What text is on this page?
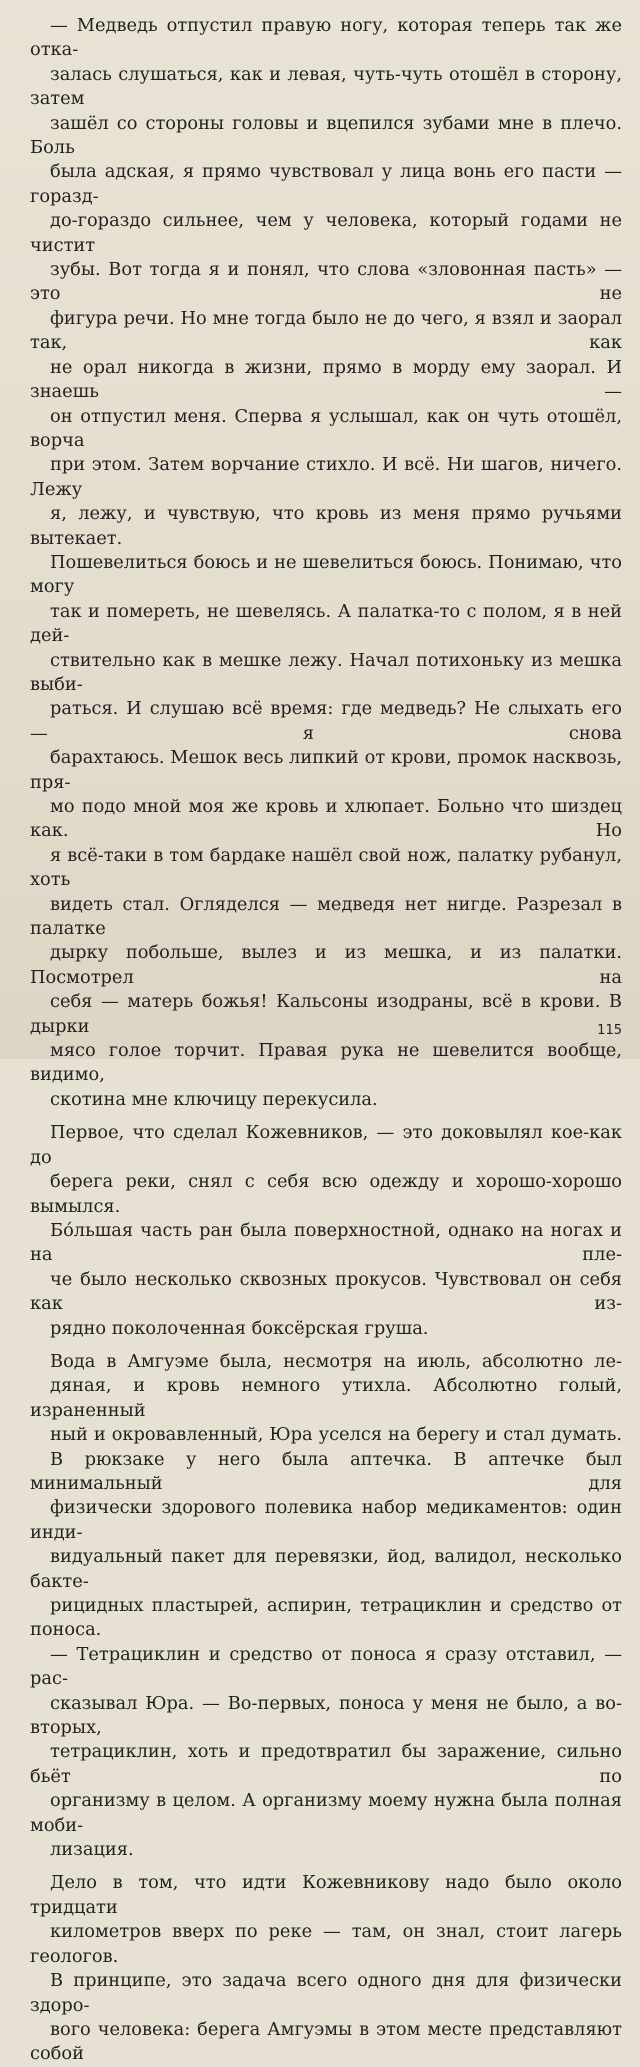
— Медведь отпустил правую ногу, которая теперь так же отка-
залась слушаться, как и левая, чуть-чуть отошёл в сторону, затем
зашёл со стороны головы и вцепился зубами мне в плечо. Боль
была адская, я прямо чувствовал у лица вонь его пасти — горазд-
до-гораздо сильнее, чем у человека, который годами не чистит
зубы. Вот тогда я и понял, что слова «зловонная пасть» — это не
фигура речи. Но мне тогда было не до чего, я взял и заорал так, как
не орал никогда в жизни, прямо в морду ему заорал. И знаешь —
он отпустил меня. Сперва я услышал, как он чуть отошёл, ворча
при этом. Затем ворчание стихло. И всё. Ни шагов, ничего. Лежу
я, лежу, и чувствую, что кровь из меня прямо ручьями вытекает.
Пошевелиться боюсь и не шевелиться боюсь. Понимаю, что могу
так и помереть, не шевелясь. А палатка-то с полом, я в ней дей-
ствительно как в мешке лежу. Начал потихоньку из мешка выби-
раться. И слушаю всё время: где медведь? Не слыхать его — я снова
барахтаюсь. Мешок весь липкий от крови, промок насквозь, пря-
мо подо мной моя же кровь и хлюпает. Больно что шиздец как. Но
я всё-таки в том бардаке нашёл свой нож, палатку рубанул, хоть
видеть стал. Огляделся — медведя нет нигде. Разрезал в палатке
дырку побольше, вылез и из мешка, и из палатки. Посмотрел на
себя — матерь божья! Кальсоны изодраны, всё в крови. В дырки
мясо голое торчит. Правая рука не шевелится вообще, видимо,
скотина мне ключицу перекусила.
Первое, что сделал Кожевников, — это доковылял кое-как до
берега реки, снял с себя всю одежду и хорошо-хорошо вымылся.
Бóльшая часть ран была поверхностной, однако на ногах и на пле-
че было несколько сквозных прокусов. Чувствовал он себя как из-
рядно поколоченная боксёрская груша.
Вода в Амгуэме была, несмотря на июль, абсолютно ле-
дяная, и кровь немного утихла. Абсолютно голый, израненный
ный и окровавленный, Юра уселся на берегу и стал думать.
В рюкзаке у него была аптечка. В аптечке был минимальный для
физически здорового полевика набор медикаментов: один инди-
видуальный пакет для перевязки, йод, валидол, несколько бакте-
рицидных пластырей, аспирин, тетрациклин и средство от поноса.
— Тетрациклин и средство от поноса я сразу отставил, — рас-
сказывал Юра. — Во-первых, поноса у меня не было, а во-вторых,
тетрациклин, хоть и предотвратил бы заражение, сильно бьёт по
организму в целом. А организму моему нужна была полная моби-
лизация.
Дело в том, что идти Кожевникову надо было около тридцати
километров вверх по реке — там, он знал, стоит лагерь геологов.
В принципе, это задача всего одного дня для физически здоро-
вого человека: берега Амгуэмы в этом месте представляют собой
115
